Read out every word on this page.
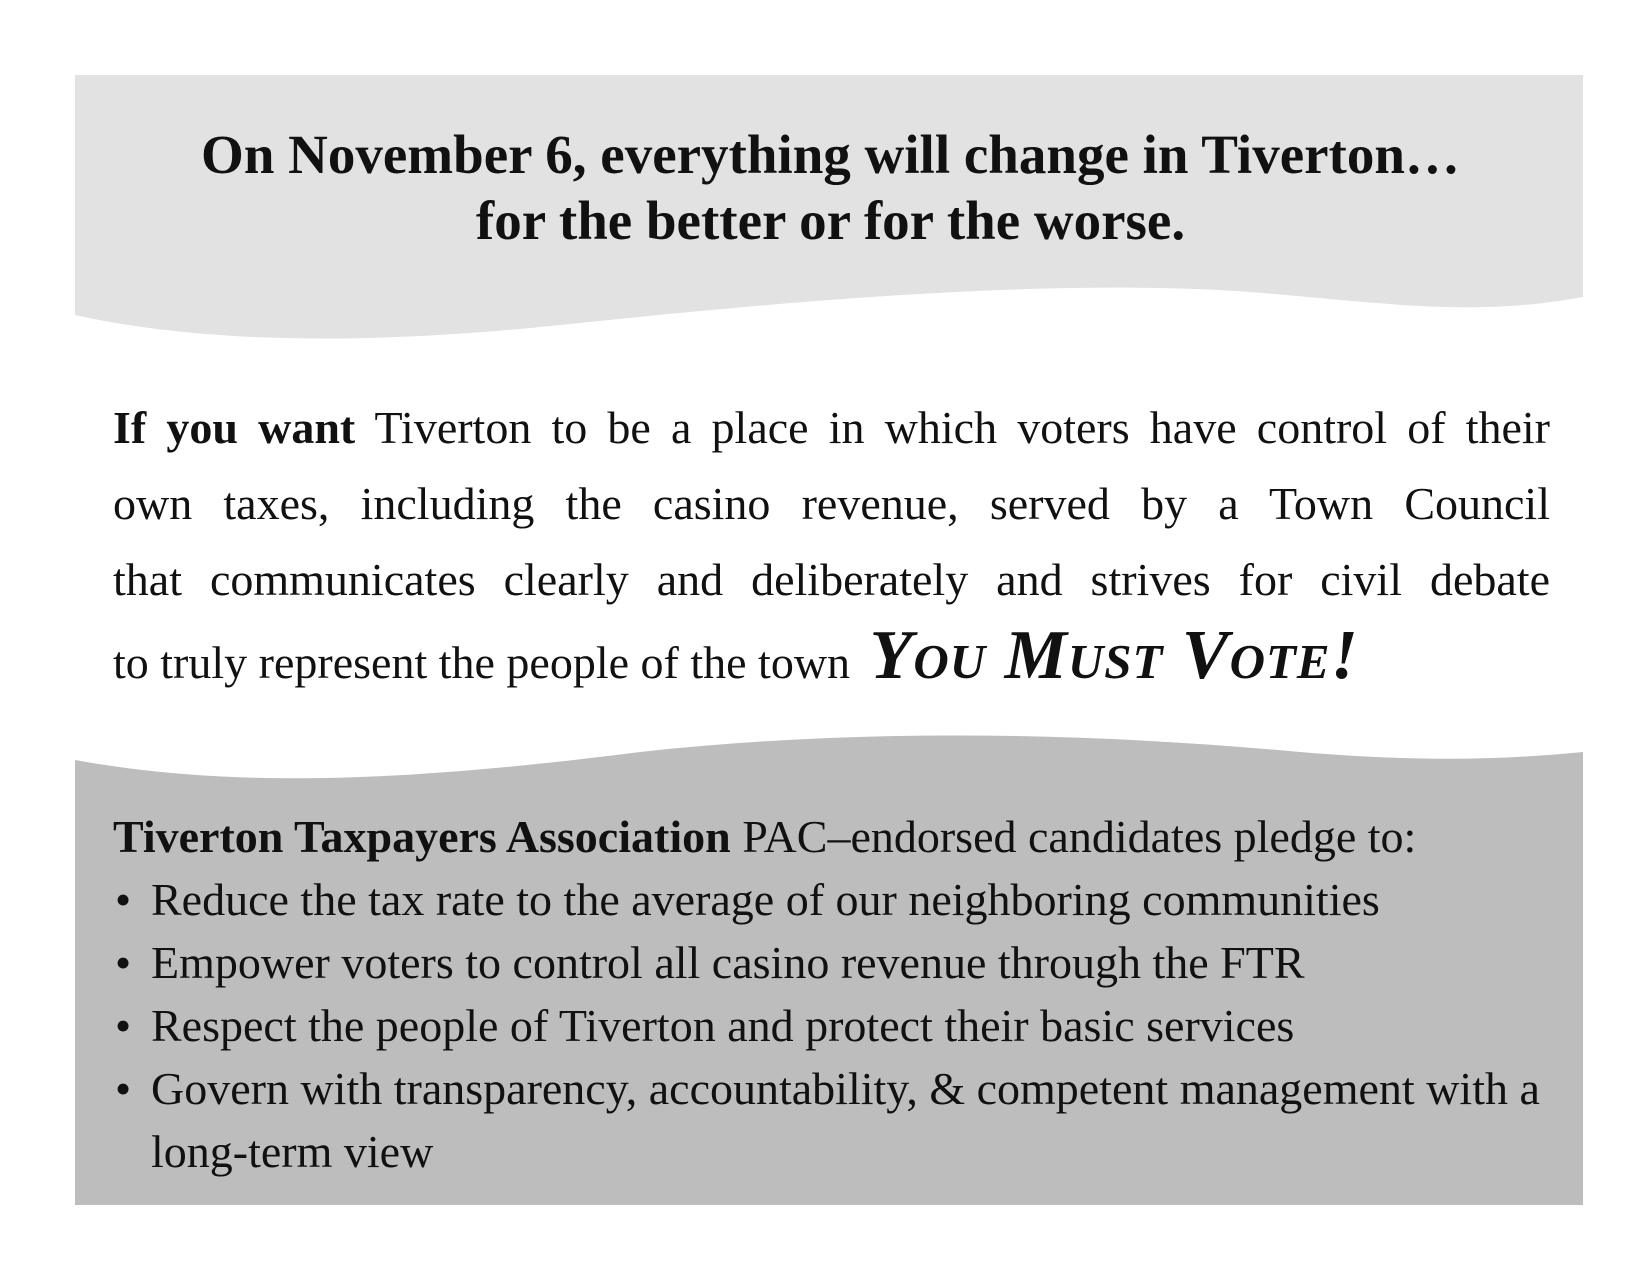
On November 6, everything will change in Tiverton…
for the better or for the worse.
If you want Tiverton to be a place in which voters have control of their
own taxes, including the casino revenue, served by a Town Council
that communicates clearly and deliberately and strives for civil debate
to truly represent the people of the town You Must Vote!
Tiverton Taxpayers Association PAC–endorsed candidates pledge to:
• Reduce the tax rate to the average of our neighboring communities
• Empower voters to control all casino revenue through the FTR
• Respect the people of Tiverton and protect their basic services
• Govern with transparency, accountability, & competent management with a long-term view
